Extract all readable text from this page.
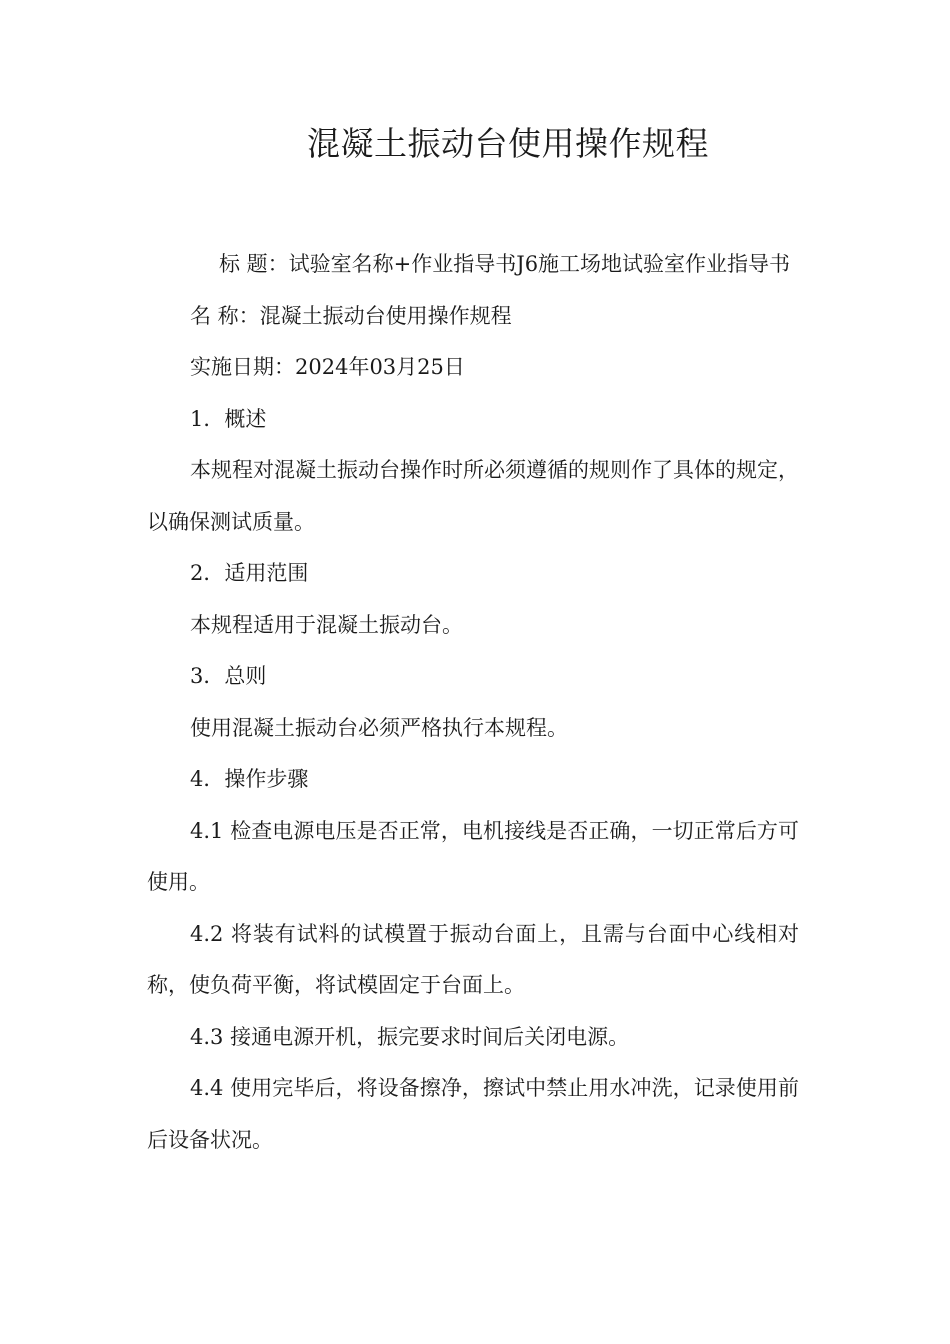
混凝土振动台使用操作规程

标 题：试验室名称+作业指导书J6施工场地试验室作业指导书

名 称：混凝土振动台使用操作规程

实施日期：2024年03月25日

1．概述

本规程对混凝土振动台操作时所必须遵循的规则作了具体的规定，以确保测试质量。

2．适用范围

本规程适用于混凝土振动台。

3．总则

使用混凝土振动台必须严格执行本规程。

4．操作步骤

4.1 检查电源电压是否正常，电机接线是否正确，一切正常后方可使用。

4.2 将装有试料的试模置于振动台面上，且需与台面中心线相对称，使负荷平衡，将试模固定于台面上。

4.3 接通电源开机，振完要求时间后关闭电源。

4.4 使用完毕后，将设备擦净，擦试中禁止用水冲洗，记录使用前后设备状况。
